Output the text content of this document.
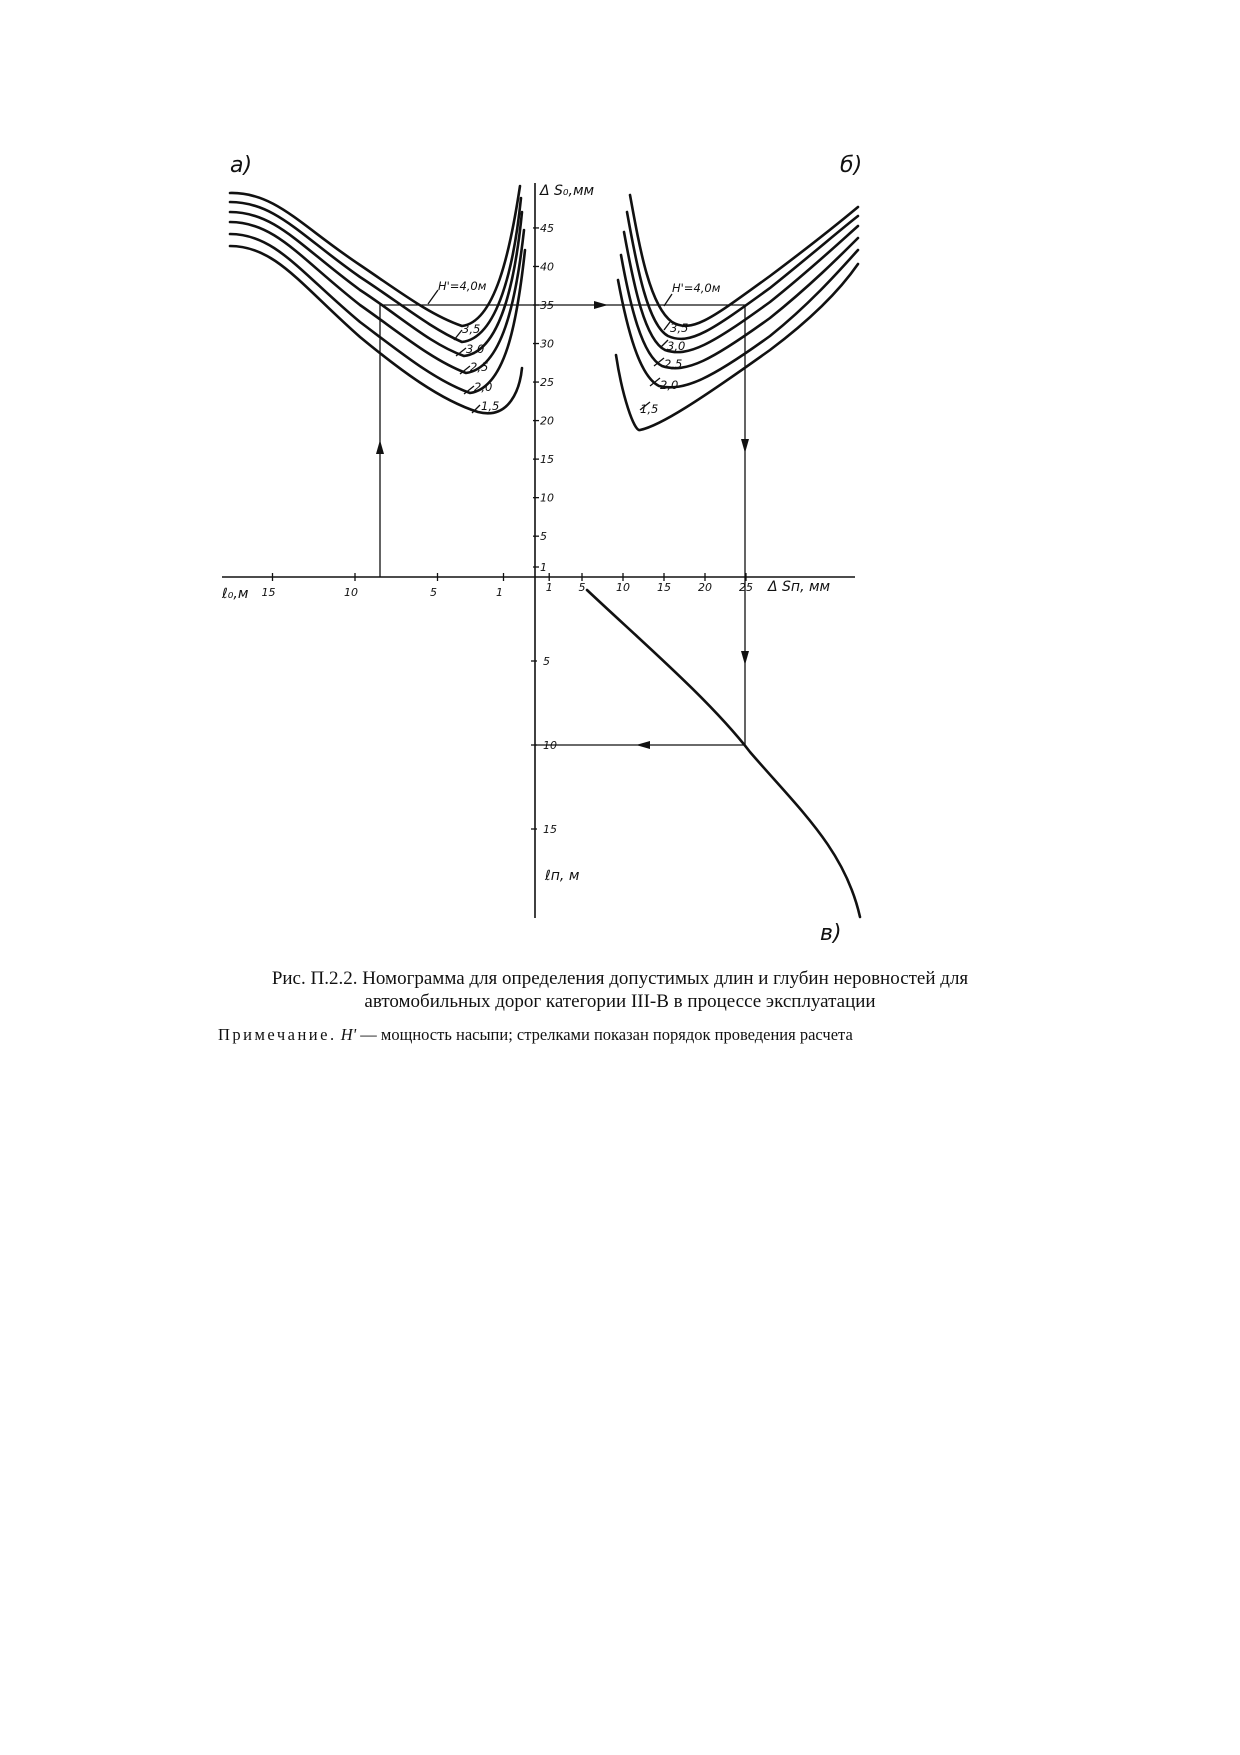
1
5
10
15
20
25
30
35
40
45
5
10
15
1
5
10
15	1 5	10 15 20 25
а)	б)
в)
Δ S₀,мм
ℓ₀,м	Δ Sп, мм
ℓп, м
H'=4,0м
3,5
3,0
2,5
2,0
1,5
H'=4,0м
3,5
3,0
2,5
2,0
1,5
Рис. П.2.2. Номограмма для определения допустимых длин и глубин неровностей для
автомобильных дорог категории III-В в процессе эксплуатации
Примечание. H' — мощность насыпи; стрелками показан порядок проведения расчета
